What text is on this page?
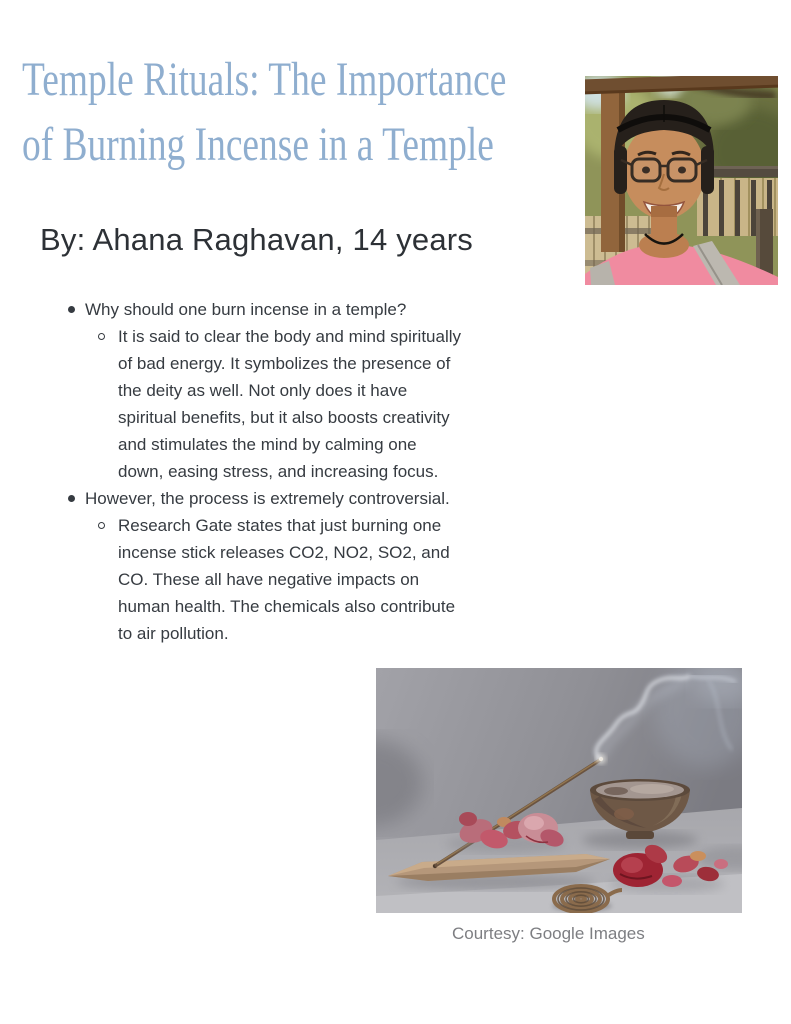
Temple Rituals: The Importance
of Burning Incense in a Temple
By: Ahana Raghavan, 14 years
Why should one burn incense in a temple?
It is said to clear the body and mind spiritually of bad energy. It symbolizes the presence of the deity as well. Not only does it have spiritual benefits, but it also boosts creativity and stimulates the mind by calming one down, easing stress, and increasing focus.
However, the process is extremely controversial.
Research Gate states that just burning one incense stick releases CO2, NO2, SO2, and CO. These all have negative impacts on human health. The chemicals also contribute to air pollution.
Courtesy: Google Images
